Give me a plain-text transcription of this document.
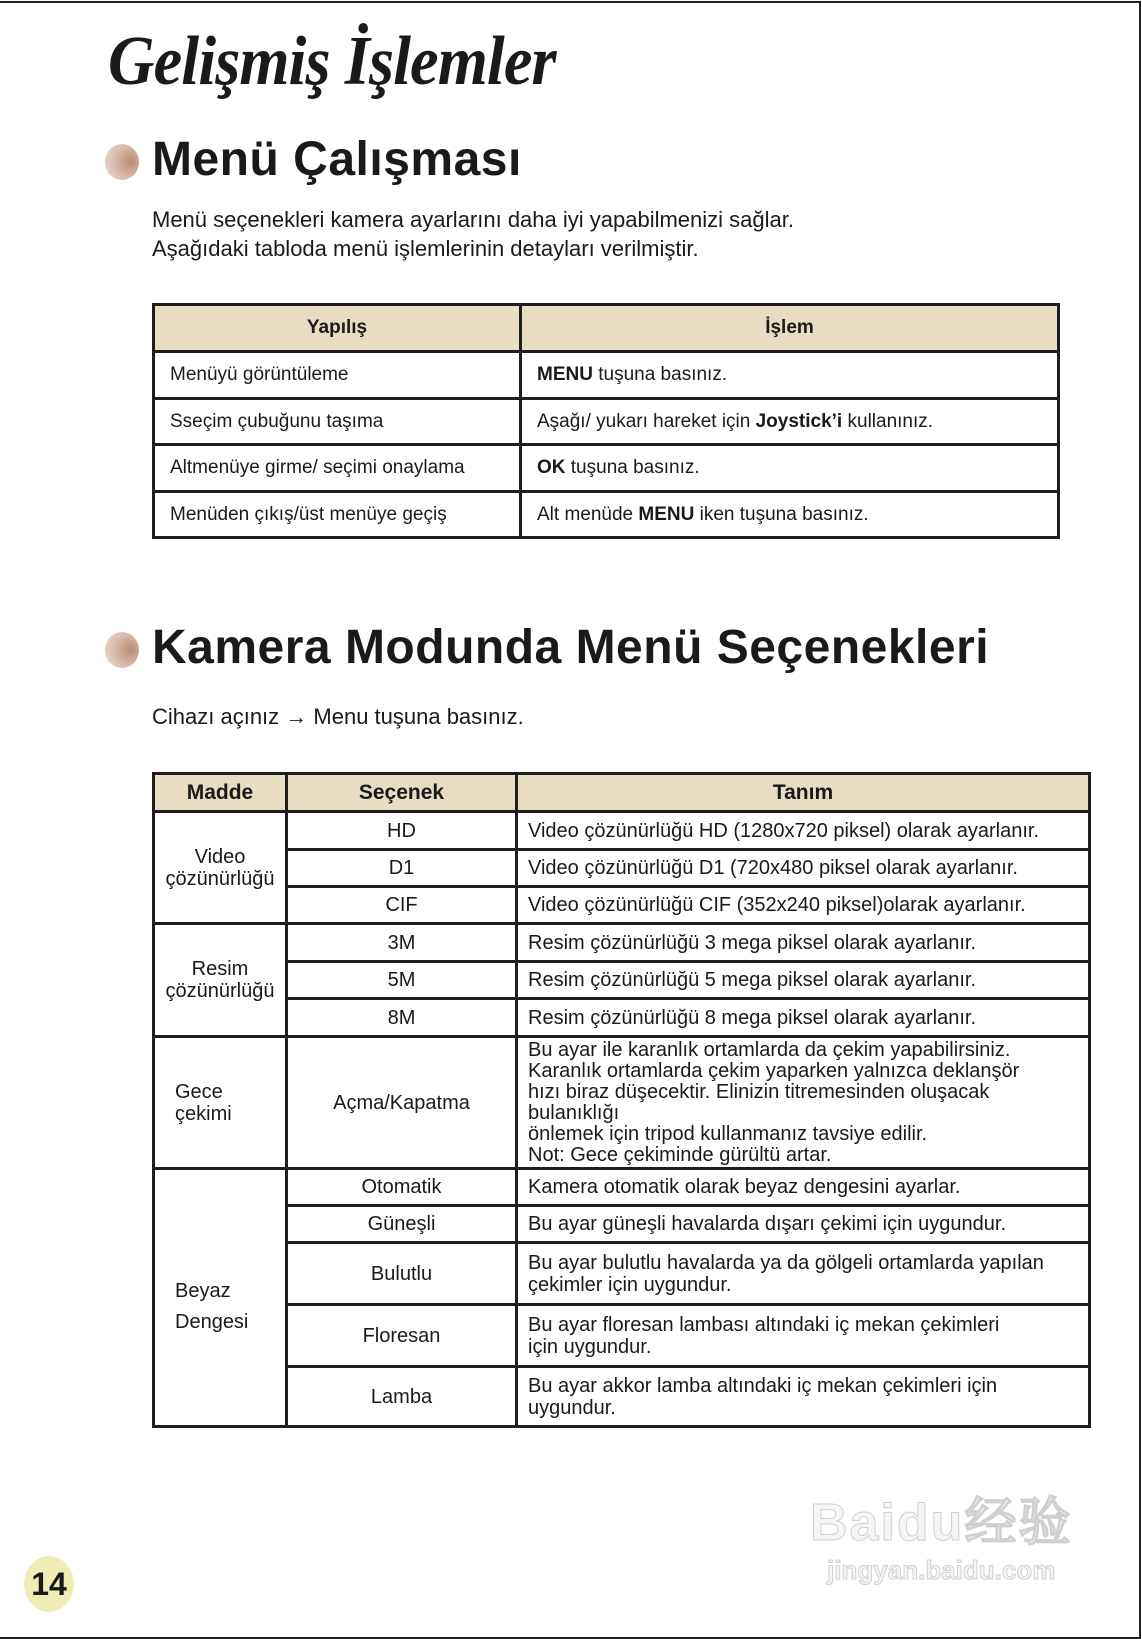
Gelişmiş İşlemler
Menü Çalışması
Menü seçenekleri kamera ayarlarını daha iyi yapabilmenizi sağlar.
Aşağıdaki tabloda menü işlemlerinin detayları verilmiştir.
Yapılış	İşlem
Menüyü görüntüleme	MENU tuşuna basınız.
Sseçim çubuğunu taşıma	Aşağı/ yukarı hareket için Joystick’i kullanınız.
Altmenüye girme/ seçimi onaylama	OK tuşuna basınız.
Menüden çıkış/üst menüye geçiş	Alt menüde MENU iken tuşuna basınız.
Kamera Modunda Menü Seçenekleri
Cihazı açınız → Menu tuşuna basınız.
Madde	Seçenek	Tanım

Video
çözünürlüğü	HD	Video çözünürlüğü HD (1280x720 piksel) olarak ayarlanır.

	D1	Video çözünürlüğü D1 (720x480 piksel olarak ayarlanır.

	CIF	Video çözünürlüğü CIF (352x240 piksel)olarak ayarlanır.

Resim
çözünürlüğü	3M	Resim çözünürlüğü 3 mega piksel olarak ayarlanır.

	5M	Resim çözünürlüğü 5 mega piksel olarak ayarlanır.

	8M	Resim çözünürlüğü 8 mega piksel olarak ayarlanır.

Gece çekimi	Açma/Kapatma	Bu ayar ile karanlık ortamlarda da çekim yapabilirsiniz.
Karanlık ortamlarda çekim yaparken yalnızca deklanşör
hızı biraz düşecektir. Elinizin titremesinden oluşacak bulanıklığı
önlemek için tripod kullanmanız tavsiye edilir.
Not: Gece çekiminde gürültü artar.

Beyaz
Dengesi	Otomatik	Kamera otomatik olarak beyaz dengesini ayarlar.

	Güneşli	Bu ayar güneşli havalarda dışarı çekimi için uygundur.

	Bulutlu	Bu ayar bulutlu havalarda ya da gölgeli ortamlarda yapılan
çekimler için uygundur.

	Floresan	Bu ayar floresan lambası altındaki iç mekan çekimleri
için uygundur.

	Lamba	Bu ayar akkor lamba altındaki iç mekan çekimleri için
uygundur.
14
Baidu经验
jingyan.baidu.com
